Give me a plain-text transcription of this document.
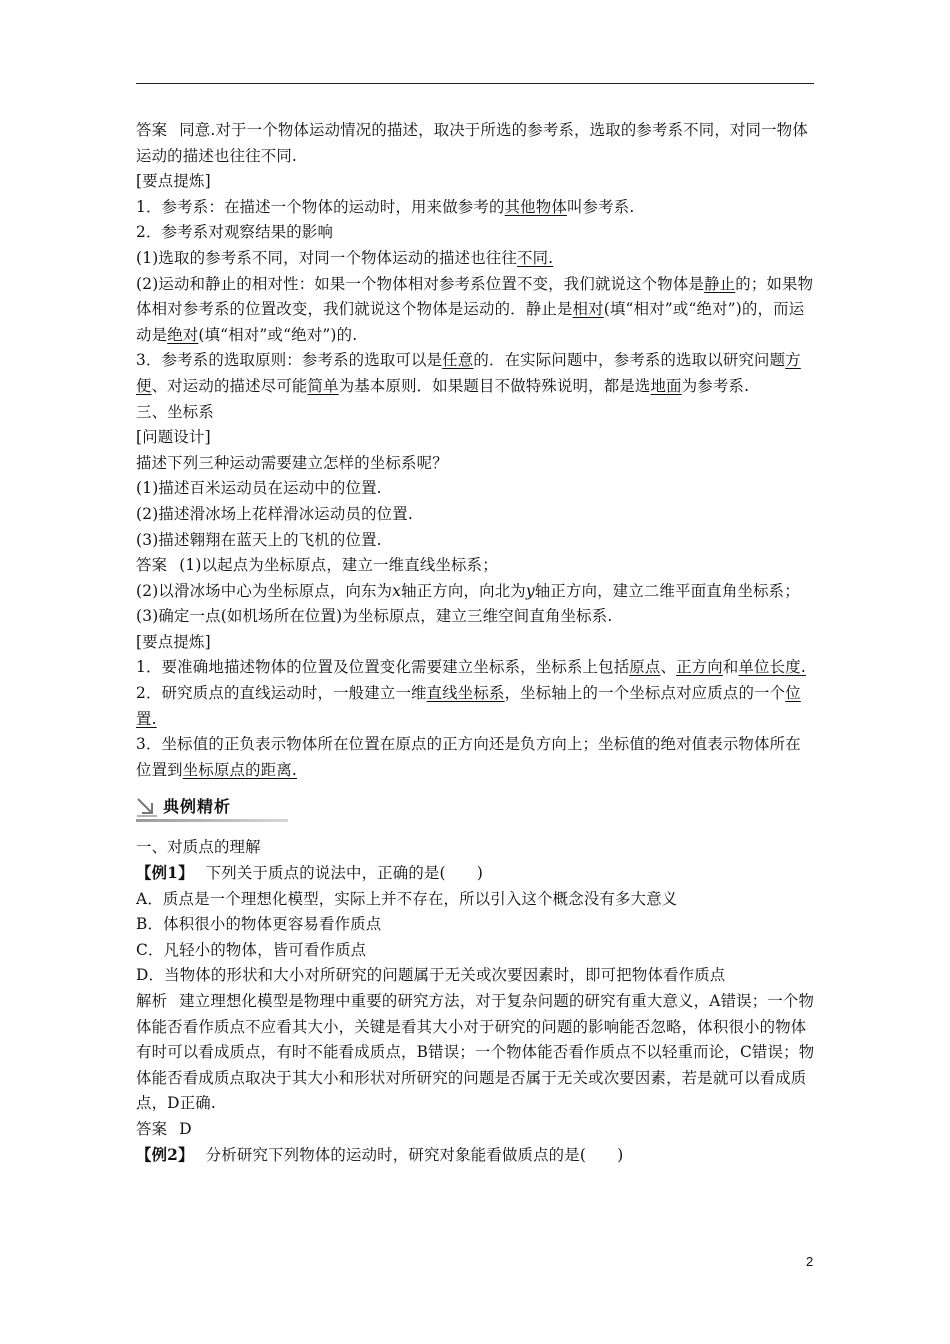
答案 同意.对于一个物体运动情况的描述，取决于所选的参考系，选取的参考系不同，对同一物体运动的描述也往往不同.

[要点提炼]

1．参考系：在描述一个物体的运动时，用来做参考的其他物体叫参考系.

2．参考系对观察结果的影响

(1)选取的参考系不同，对同一个物体运动的描述也往往不同.

(2)运动和静止的相对性：如果一个物体相对参考系位置不变，我们就说这个物体是静止的；如果物体相对参考系的位置改变，我们就说这个物体是运动的．静止是相对(填“相对”或“绝对”)的，而运动是绝对(填“相对”或“绝对”)的.

3．参考系的选取原则：参考系的选取可以是任意的．在实际问题中，参考系的选取以研究问题方便、对运动的描述尽可能简单为基本原则．如果题目不做特殊说明，都是选地面为参考系.

三、坐标系

[问题设计]

描述下列三种运动需要建立怎样的坐标系呢？

(1)描述百米运动员在运动中的位置.

(2)描述滑冰场上花样滑冰运动员的位置.

(3)描述翱翔在蓝天上的飞机的位置.

答案 (1)以起点为坐标原点，建立一维直线坐标系；

(2)以滑冰场中心为坐标原点，向东为x轴正方向，向北为y轴正方向，建立二维平面直角坐标系；

(3)确定一点(如机场所在位置)为坐标原点，建立三维空间直角坐标系.

[要点提炼]

1．要准确地描述物体的位置及位置变化需要建立坐标系，坐标系上包括原点、正方向和单位长度.

2．研究质点的直线运动时，一般建立一维直线坐标系，坐标轴上的一个坐标点对应质点的一个位置.

3．坐标值的正负表示物体所在位置在原点的正方向还是负方向上；坐标值的绝对值表示物体所在位置到坐标原点的距离.

典例精析

一、对质点的理解

【例1】 下列关于质点的说法中，正确的是(　　)

A．质点是一个理想化模型，实际上并不存在，所以引入这个概念没有多大意义

B．体积很小的物体更容易看作质点

C．凡轻小的物体，皆可看作质点

D．当物体的形状和大小对所研究的问题属于无关或次要因素时，即可把物体看作质点

解析 建立理想化模型是物理中重要的研究方法，对于复杂问题的研究有重大意义，A错误；一个物体能否看作质点不应看其大小，关键是看其大小对于研究的问题的影响能否忽略，体积很小的物体有时可以看成质点，有时不能看成质点，B错误；一个物体能否看作质点不以轻重而论，C错误；物体能否看成质点取决于其大小和形状对所研究的问题是否属于无关或次要因素，若是就可以看成质点，D正确.

答案 D

【例2】 分析研究下列物体的运动时，研究对象能看做质点的是(　　)

2
